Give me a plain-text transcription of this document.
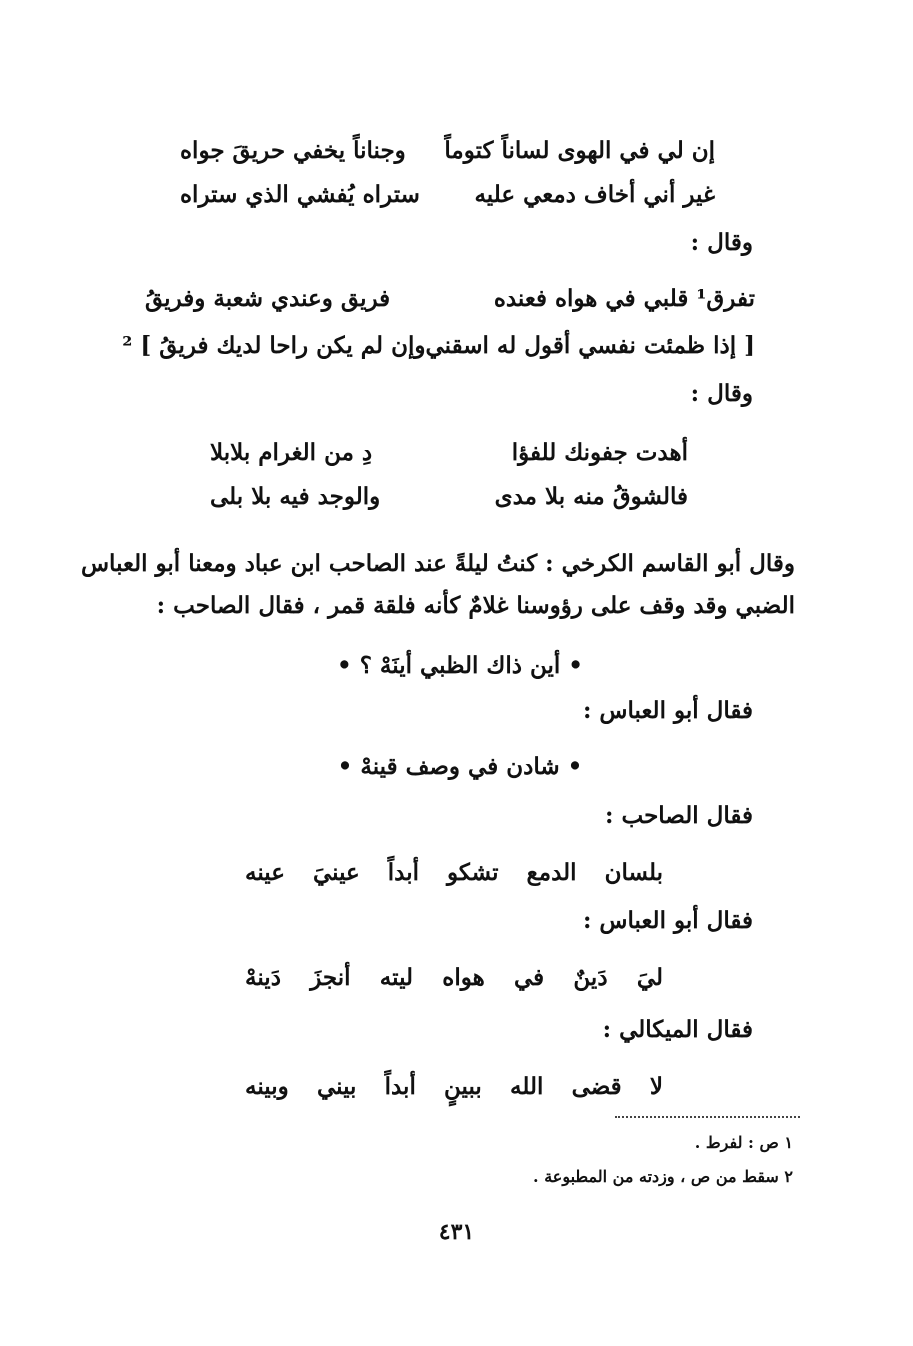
إن لي في الهوى لساناً كتوماً
وجناناً يخفي حريقَ جواه
غير أني أخاف دمعي عليه
ستراه يُفشي الذي ستراه
وقال :
تفرق¹ قلبي في هواه فعنده
فريق وعندي شعبة وفريقُ
[ إذا ظمئت نفسي أقول له اسقني
وإن لم يكن راحا لديك فريقُ ] ²
وقال :
أهدت جفونك للفؤا
دِ من الغرام بلابلا
فالشوقُ منه بلا مدى
والوجد فيه بلا بلى
وقال أبو القاسم الكرخي : كنتُ ليلةً عند الصاحب ابن عباد ومعنا أبو العباس
الضبي وقد وقف على رؤوسنا غلامٌ كأنه فلقة قمر ، فقال الصاحب :
• أين ذاك الظبي أينَهْ ؟ •
فقال أبو العباس :
• شادن في وصف قينهْ •
فقال الصاحب :
بلسان
الدمع
تشكو
أبداً
عينيَ
عينه
فقال أبو العباس :
ليَ
دَينٌ
في
هواه
ليته
أنجزَ
دَينهْ
فقال الميكالي :
لا
قضى
الله
ببينٍ
أبداً
بيني
وبينه
١ ص : لفرط .
٢ سقط من ص ، وزدته من المطبوعة .
٤٣١
